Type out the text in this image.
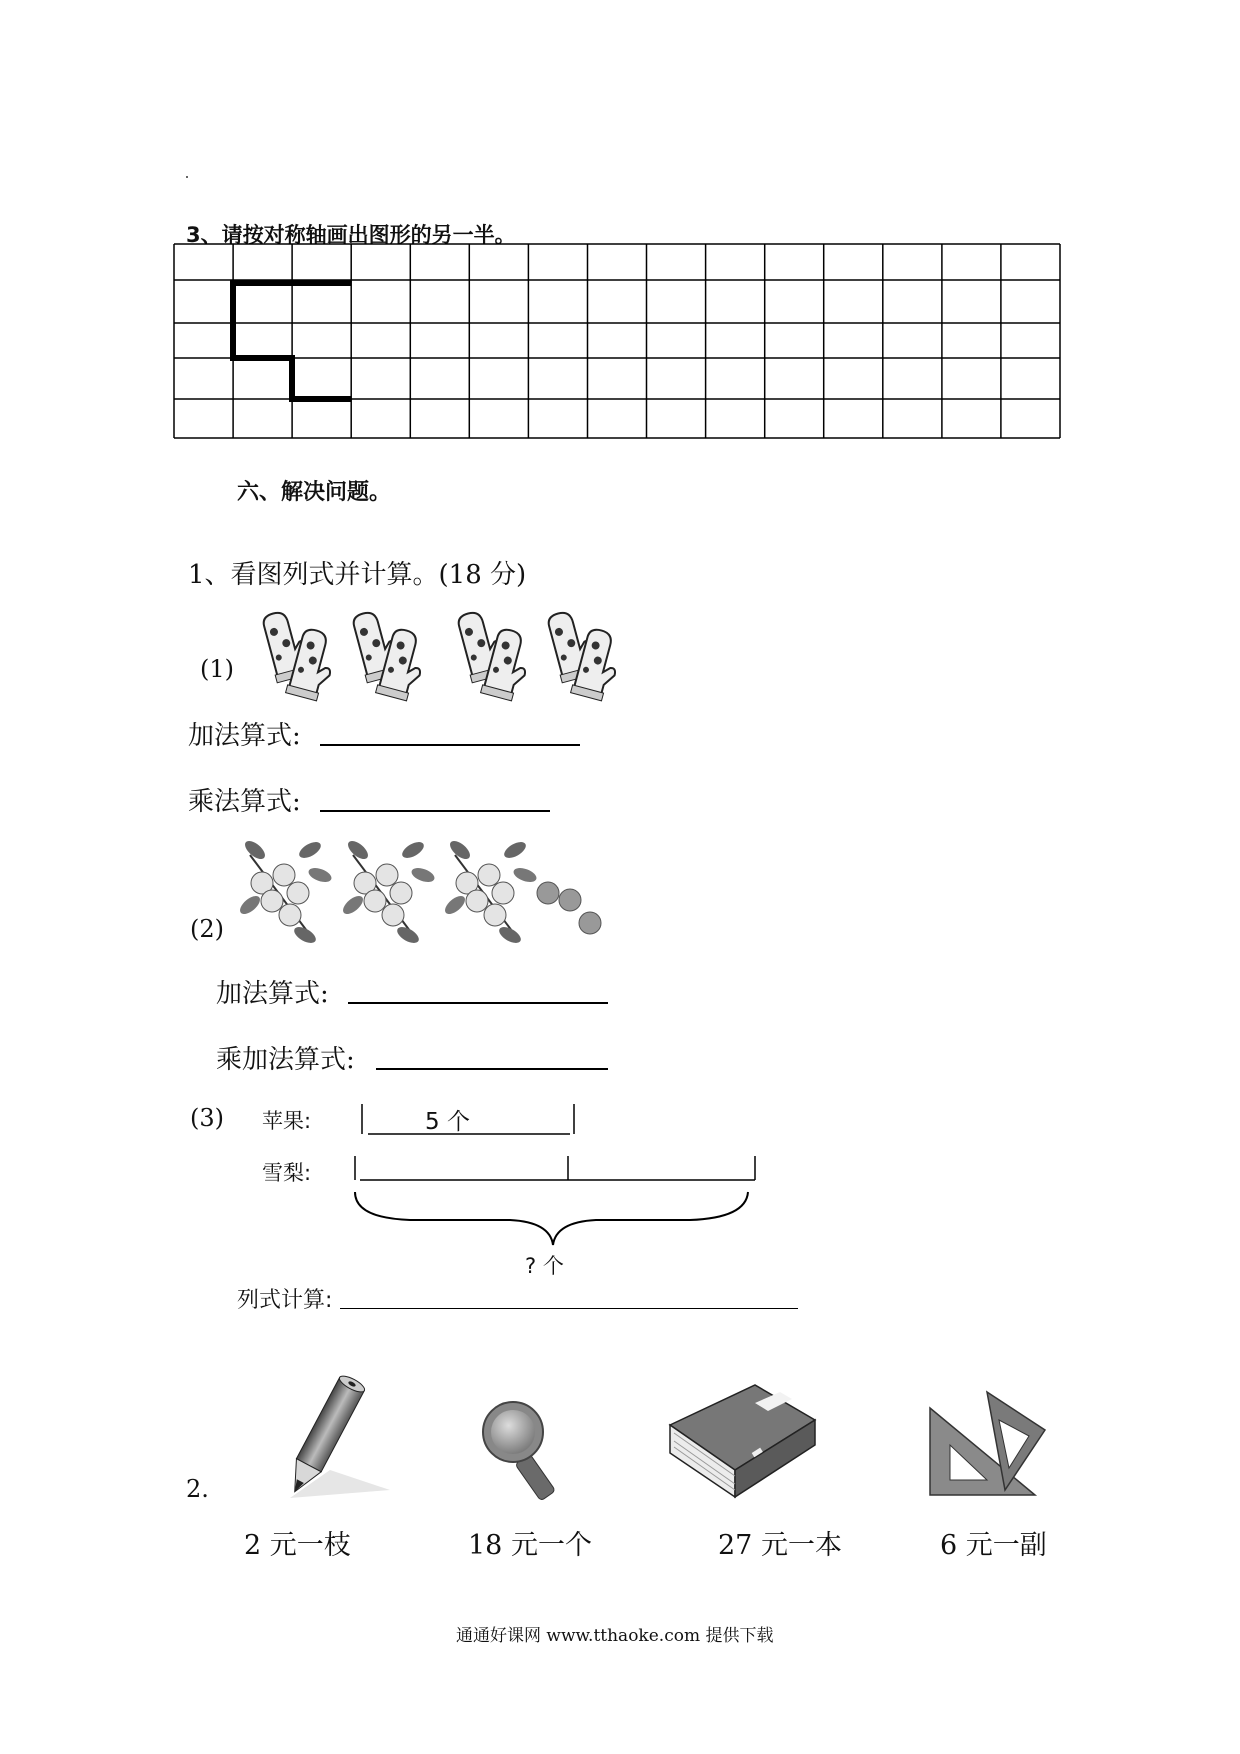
3、请按对称轴画出图形的另一半。
六、解决问题。
1、看图列式并计算。(18 分)
(1)
加法算式:
乘法算式:
(2)
加法算式:
乘加法算式:
(3) 苹果:	5 个
雪梨:
? 个
列式计算:
2.
2 元一枝	18 元一个	27 元一本	6 元一副
通通好课网 www.tthaoke.com 提供下载
